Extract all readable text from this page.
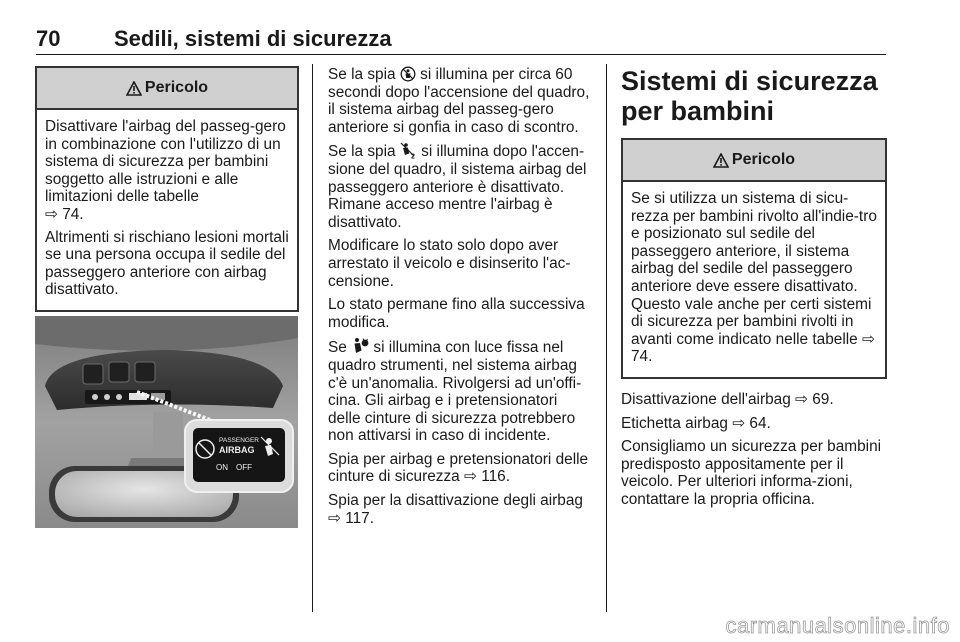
70 Sedili, sistemi di sicurezza
Pericolo

Disattivare l'airbag del passeg-gero in combinazione con l'utilizzo di un sistema di sicurezza per bambini soggetto alle istruzioni e alle limitazioni delle tabelle
⇨ 74.

Altrimenti si rischiano lesioni mortali se una persona occupa il sedile del passeggero anteriore con airbag disattivato.

PASSENGER
AIRBAG
ON OFF

Se la spia si illumina per circa 60 secondi dopo l'accensione del quadro, il sistema airbag del passeg-gero anteriore si gonfia in caso di scontro.

Se la spia 2 si illumina dopo l'accen-sione del quadro, il sistema airbag del passeggero anteriore è disattivato. Rimane acceso mentre l'airbag è disattivato.

Modificare lo stato solo dopo aver arrestato il veicolo e disinserito l'ac-censione.

Lo stato permane fino alla successiva modifica.

Se si illumina con luce fissa nel quadro strumenti, nel sistema airbag c'è un'anomalia. Rivolgersi ad un'offi-cina. Gli airbag e i pretensionatori delle cinture di sicurezza potrebbero non attivarsi in caso di incidente.

Spia per airbag e pretensionatori delle cinture di sicurezza ⇨ 116.

Spia per la disattivazione degli airbag
⇨ 117.

Sistemi di sicurezza per bambini
Pericolo

Se si utilizza un sistema di sicu-rezza per bambini rivolto all'indie-tro e posizionato sul sedile del passeggero anteriore, il sistema airbag del sedile del passeggero anteriore deve essere disattivato. Questo vale anche per certi sistemi di sicurezza per bambini rivolti in avanti come indicato nelle tabelle ⇨ 74.

Disattivazione dell'airbag ⇨ 69.

Etichetta airbag ⇨ 64.

Consigliamo un sicurezza per bambini predisposto appositamente per il veicolo. Per ulteriori informa-zioni, contattare la propria officina.

carmanualsonline.info
